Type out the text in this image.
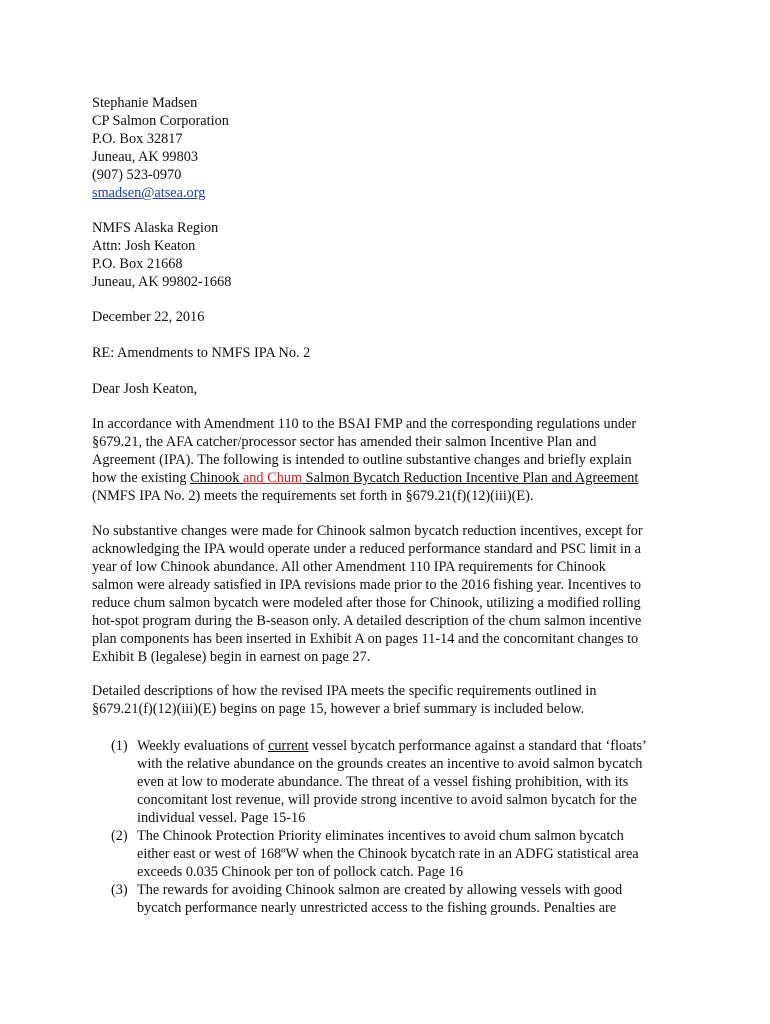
Stephanie Madsen
CP Salmon Corporation
P.O. Box 32817
Juneau, AK 99803
(907) 523-0970
smadsen@atsea.org
NMFS Alaska Region
Attn: Josh Keaton
P.O. Box 21668
Juneau, AK 99802-1668
December 22, 2016
RE: Amendments to NMFS IPA No. 2
Dear Josh Keaton,
In accordance with Amendment 110 to the BSAI FMP and the corresponding regulations under
§679.21, the AFA catcher/processor sector has amended their salmon Incentive Plan and
Agreement (IPA). The following is intended to outline substantive changes and briefly explain
how the existing Chinook and Chum Salmon Bycatch Reduction Incentive Plan and Agreement
(NMFS IPA No. 2) meets the requirements set forth in §679.21(f)(12)(iii)(E).
No substantive changes were made for Chinook salmon bycatch reduction incentives, except for
acknowledging the IPA would operate under a reduced performance standard and PSC limit in a
year of low Chinook abundance. All other Amendment 110 IPA requirements for Chinook
salmon were already satisfied in IPA revisions made prior to the 2016 fishing year. Incentives to
reduce chum salmon bycatch were modeled after those for Chinook, utilizing a modified rolling
hot-spot program during the B-season only. A detailed description of the chum salmon incentive
plan components has been inserted in Exhibit A on pages 11-14 and the concomitant changes to
Exhibit B (legalese) begin in earnest on page 27.
Detailed descriptions of how the revised IPA meets the specific requirements outlined in
§679.21(f)(12)(iii)(E) begins on page 15, however a brief summary is included below.
(1) Weekly evaluations of current vessel bycatch performance against a standard that ‘floats’
with the relative abundance on the grounds creates an incentive to avoid salmon bycatch
even at low to moderate abundance. The threat of a vessel fishing prohibition, with its
concomitant lost revenue, will provide strong incentive to avoid salmon bycatch for the
individual vessel. Page 15-16
(2) The Chinook Protection Priority eliminates incentives to avoid chum salmon bycatch
either east or west of 168ºW when the Chinook bycatch rate in an ADFG statistical area
exceeds 0.035 Chinook per ton of pollock catch. Page 16
(3) The rewards for avoiding Chinook salmon are created by allowing vessels with good
bycatch performance nearly unrestricted access to the fishing grounds. Penalties are
